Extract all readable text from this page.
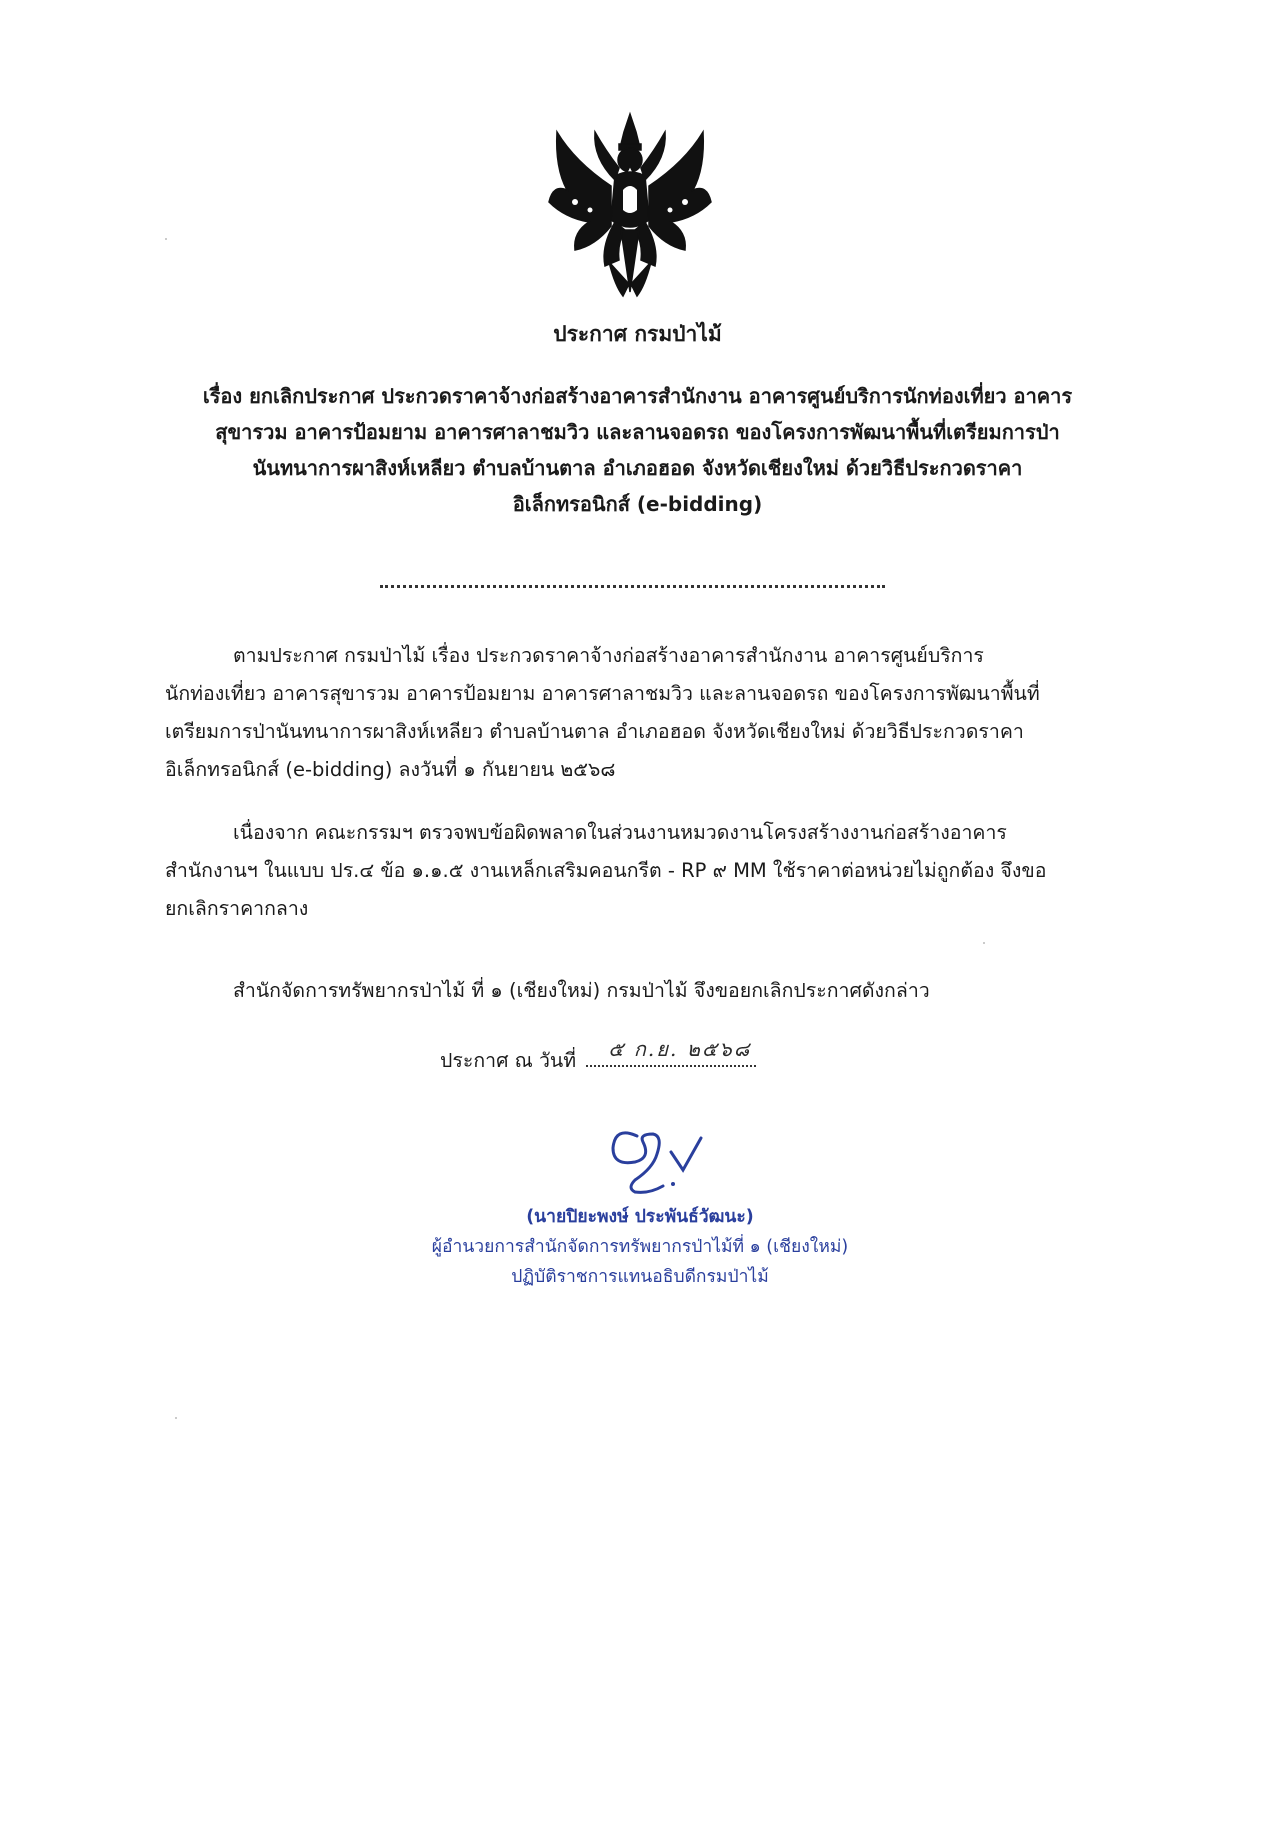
ประกาศ กรมป่าไม้
เรื่อง ยกเลิกประกาศ ประกวดราคาจ้างก่อสร้างอาคารสำนักงาน อาคารศูนย์บริการนักท่องเที่ยว อาคาร
สุขารวม อาคารป้อมยาม อาคารศาลาชมวิว และลานจอดรถ ของโครงการพัฒนาพื้นที่เตรียมการป่า
นันทนาการผาสิงห์เหลียว ตำบลบ้านตาล อำเภอฮอด จังหวัดเชียงใหม่ ด้วยวิธีประกวดราคา
อิเล็กทรอนิกส์ (e-bidding)
ตามประกาศ กรมป่าไม้ เรื่อง ประกวดราคาจ้างก่อสร้างอาคารสำนักงาน อาคารศูนย์บริการ
นักท่องเที่ยว อาคารสุขารวม อาคารป้อมยาม อาคารศาลาชมวิว และลานจอดรถ ของโครงการพัฒนาพื้นที่
เตรียมการป่านันทนาการผาสิงห์เหลียว ตำบลบ้านตาล อำเภอฮอด จังหวัดเชียงใหม่ ด้วยวิธีประกวดราคา
อิเล็กทรอนิกส์ (e-bidding) ลงวันที่ ๑ กันยายน ๒๕๖๘
เนื่องจาก คณะกรรมฯ ตรวจพบข้อผิดพลาดในส่วนงานหมวดงานโครงสร้างงานก่อสร้างอาคาร
สำนักงานฯ ในแบบ ปร.๔ ข้อ ๑.๑.๕ งานเหล็กเสริมคอนกรีต - RP ๙ MM ใช้ราคาต่อหน่วยไม่ถูกต้อง จึงขอ
ยกเลิกราคากลาง
สำนักจัดการทรัพยากรป่าไม้ ที่ ๑ (เชียงใหม่) กรมป่าไม้ จึงขอยกเลิกประกาศดังกล่าว
ประกาศ ณ วันที่ ๕ ก.ย. ๒๕๖๘
(นายปิยะพงษ์ ประพันธ์วัฒนะ)
ผู้อำนวยการสำนักจัดการทรัพยากรป่าไม้ที่ ๑ (เชียงใหม่)
ปฏิบัติราชการแทนอธิบดีกรมป่าไม้
